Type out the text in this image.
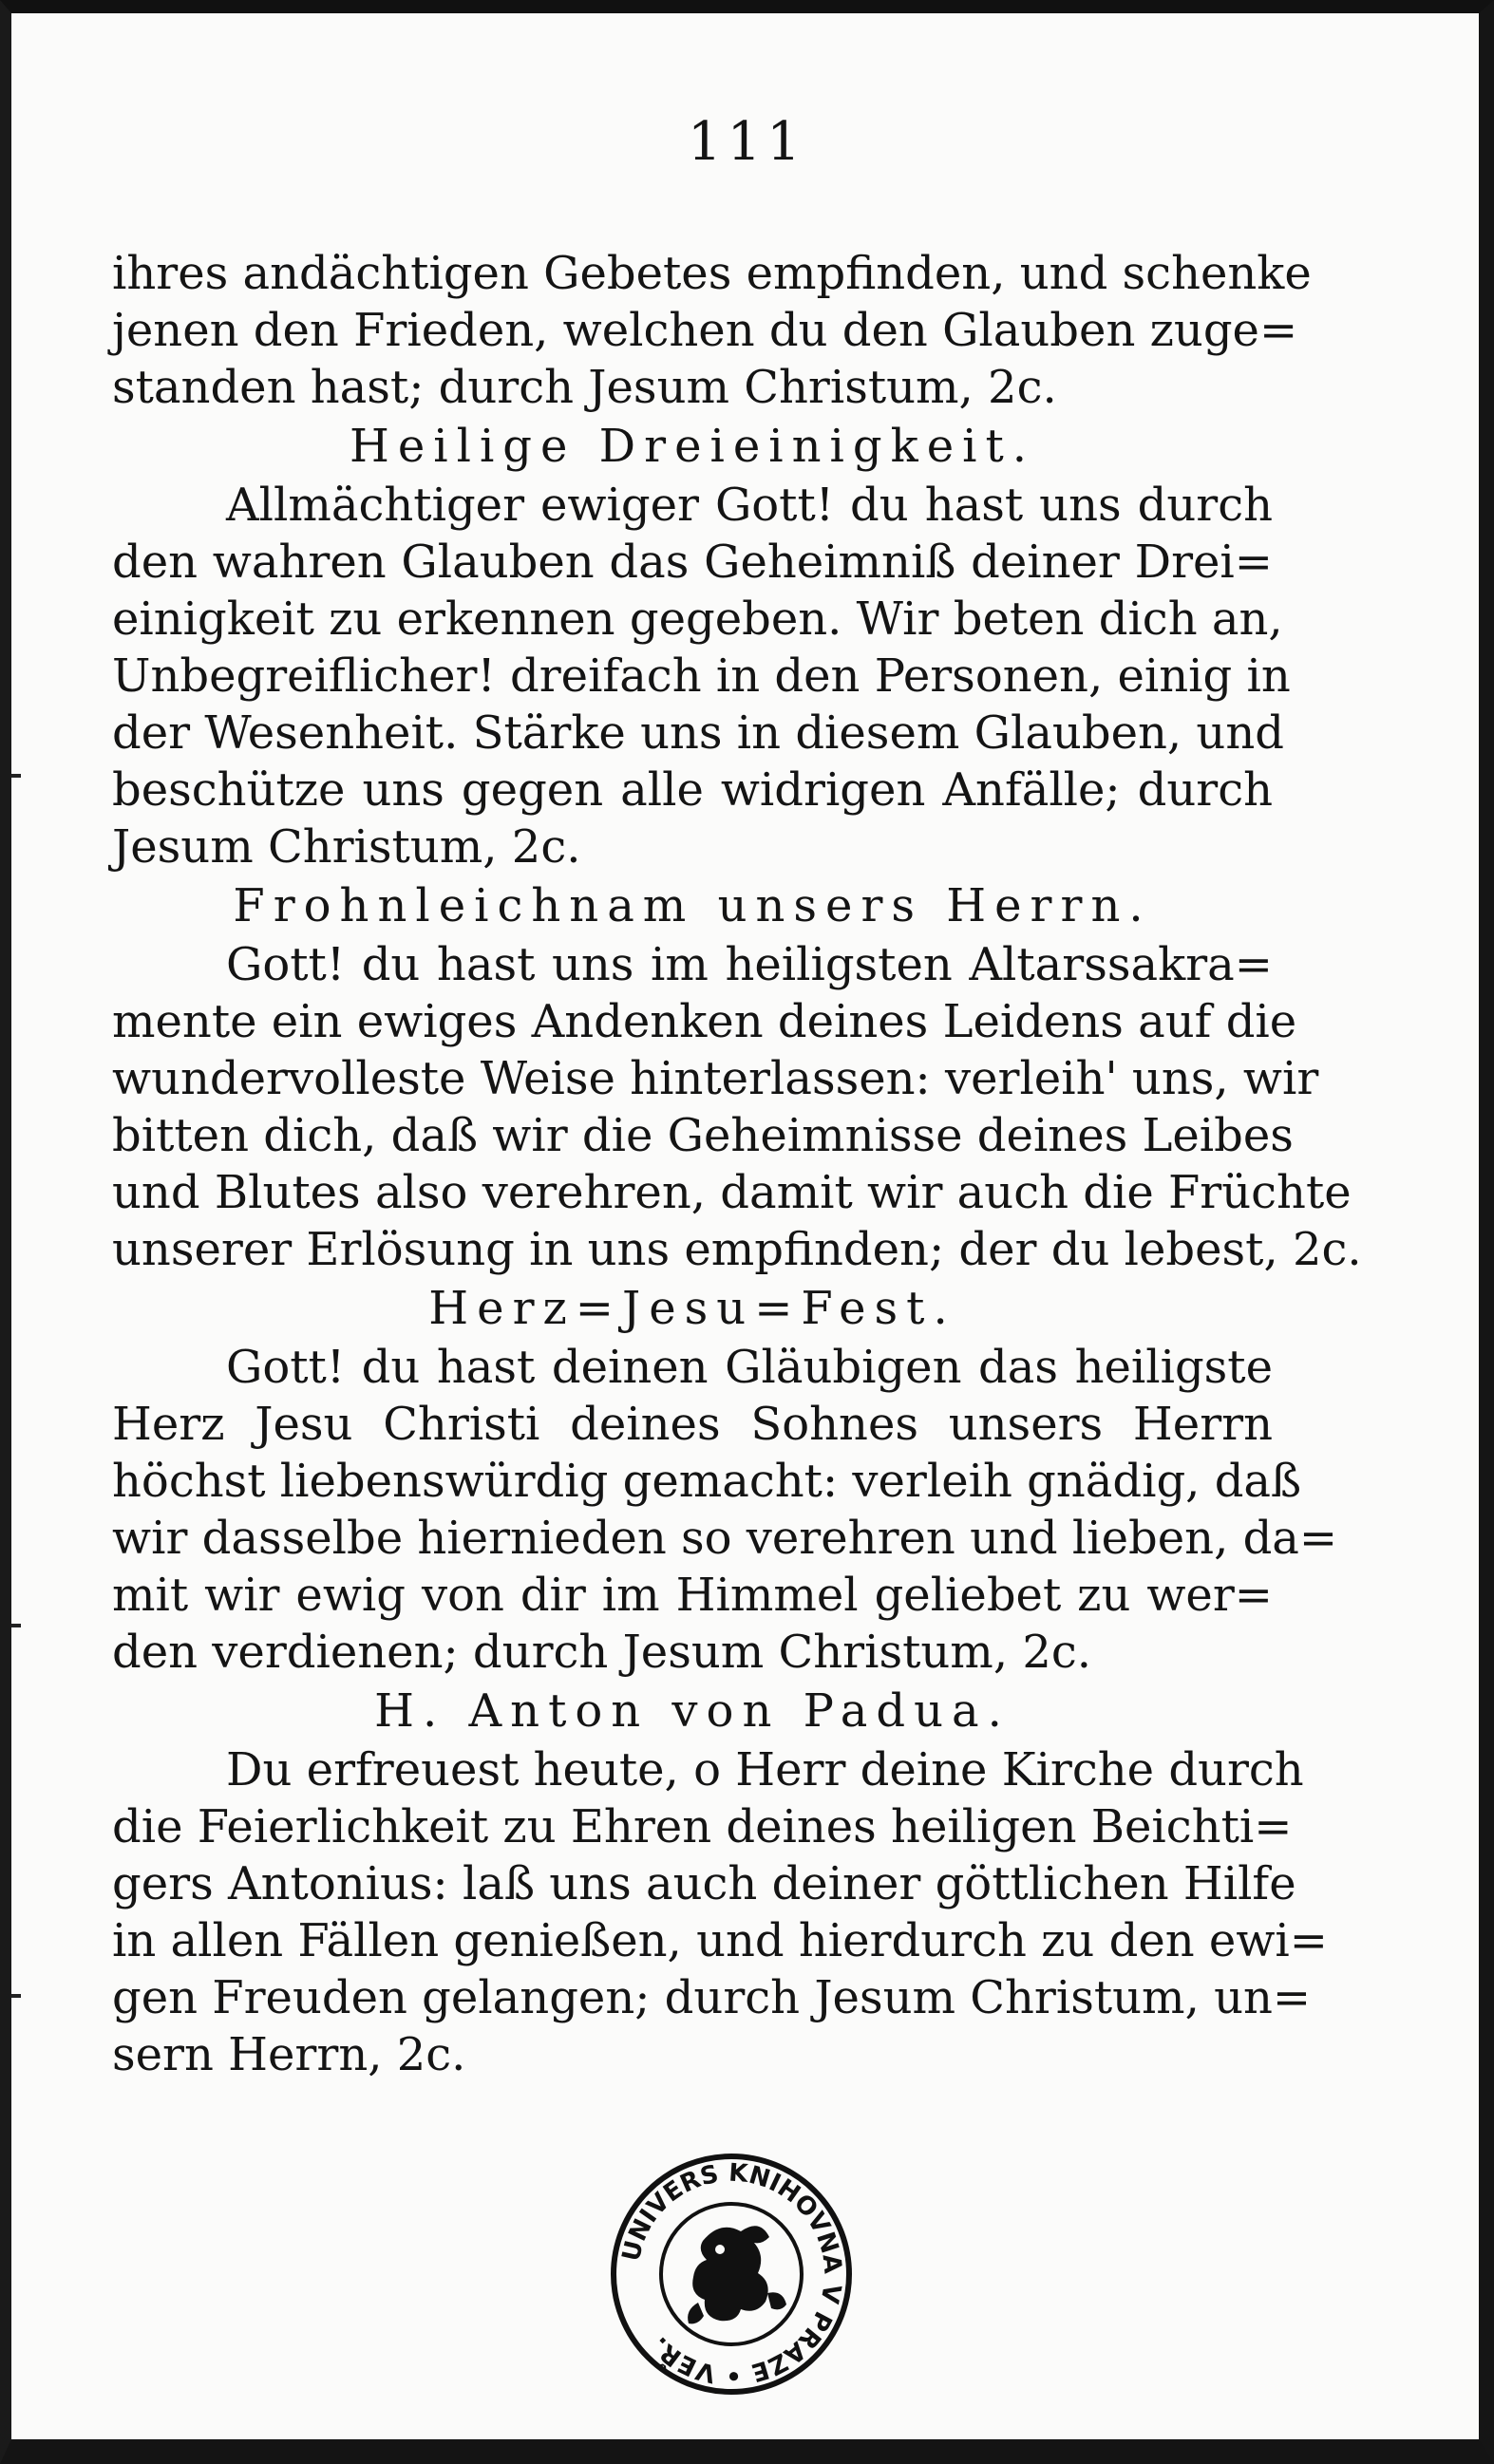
111
ihres andächtigen Gebetes empfinden, und schenke
jenen den Frieden, welchen du den Glauben zuge=
standen hast; durch Jesum Christum, 2c.
Heilige Dreieinigkeit.
Allmächtiger ewiger Gott! du hast uns durch
den wahren Glauben das Geheimniß deiner Drei=
einigkeit zu erkennen gegeben. Wir beten dich an,
Unbegreiflicher! dreifach in den Personen, einig in
der Wesenheit. Stärke uns in diesem Glauben, und
beschütze uns gegen alle widrigen Anfälle; durch
Jesum Christum, 2c.
Frohnleichnam unsers Herrn.
Gott! du hast uns im heiligsten Altarssakra=
mente ein ewiges Andenken deines Leidens auf die
wundervolleste Weise hinterlassen: verleih' uns, wir
bitten dich, daß wir die Geheimnisse deines Leibes
und Blutes also verehren, damit wir auch die Früchte
unserer Erlösung in uns empfinden; der du lebest, 2c.
Herz=Jesu=Fest.
Gott! du hast deinen Gläubigen das heiligste
Herz Jesu Christi deines Sohnes unsers Herrn
höchst liebenswürdig gemacht: verleih gnädig, daß
wir dasselbe hiernieden so verehren und lieben, da=
mit wir ewig von dir im Himmel geliebet zu wer=
den verdienen; durch Jesum Christum, 2c.
H. Anton von Padua.
Du erfreuest heute, o Herr deine Kirche durch
die Feierlichkeit zu Ehren deines heiligen Beichti=
gers Antonius: laß uns auch deiner göttlichen Hilfe
in allen Fällen genießen, und hierdurch zu den ewi=
gen Freuden gelangen; durch Jesum Christum, un=
sern Herrn, 2c.
UNIVERS KNIHOVNA V PRAZE • VEŘ.
